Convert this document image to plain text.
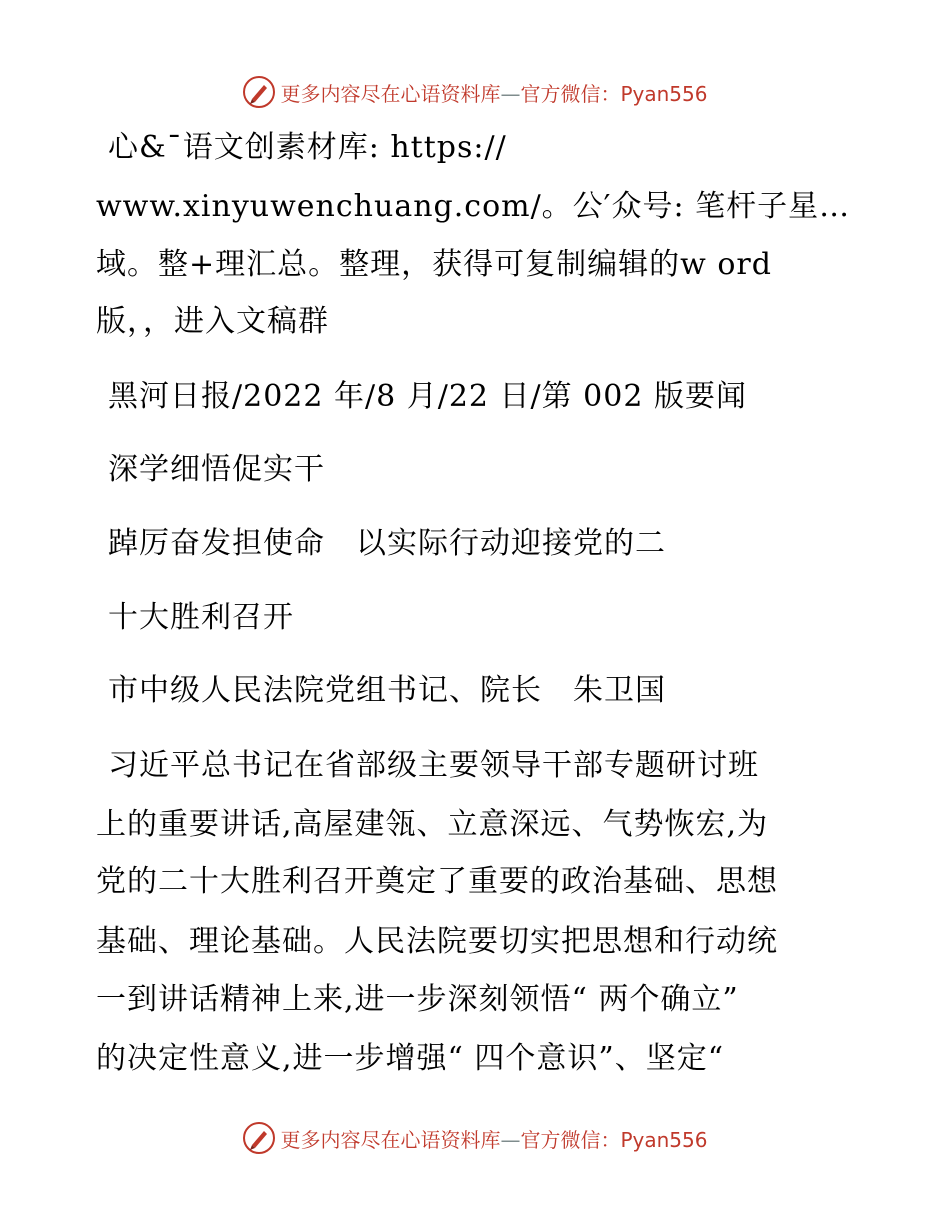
更多内容尽在心语资料库—官方微信：Pyan556
心&¯语文创素材库: https://
www.xinyuwenchuang.com/。公′众号: 笔杆子星…
域。整+理汇总。整理，获得可复制编辑的w ord
版，，进入文稿群
黑河日报/2022 年/8 月/22 日/第 002 版要闻
深学细悟促实干
踔厉奋发担使命　以实际行动迎接党的二
十大胜利召开
市中级人民法院党组书记、院长　朱卫国
习近平总书记在省部级主要领导干部专题研讨班
上的重要讲话,高屋建瓴、立意深远、气势恢宏,为
党的二十大胜利召开奠定了重要的政治基础、思想
基础、理论基础。人民法院要切实把思想和行动统
一到讲话精神上来,进一步深刻领悟“ 两个确立”
的决定性意义,进一步增强“ 四个意识”、坚定“
更多内容尽在心语资料库—官方微信：Pyan556
